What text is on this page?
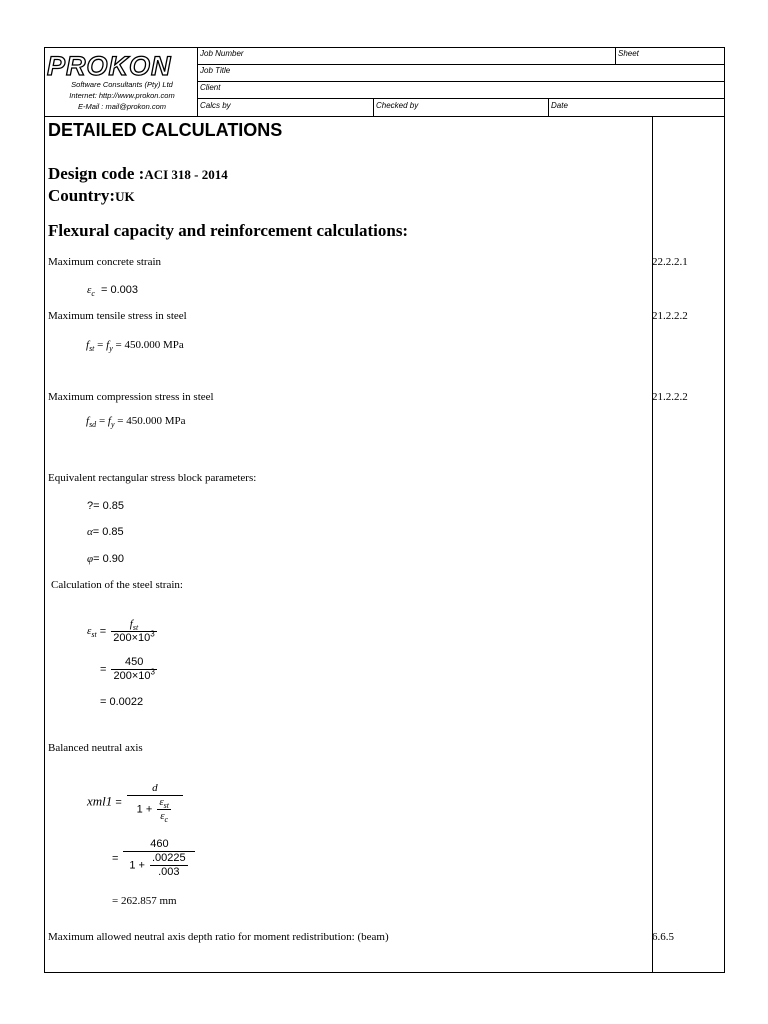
PROKON
Software Consultants (Pty) Ltd
Internet: http://www.prokon.com
E-Mail : mail@prokon.com
Job Number	Sheet
Job Title
Client
Calcs by	Checked by	Date
DETAILED CALCULATIONS
Design code :ACI 318 - 2014
Country:UK
Flexural capacity and reinforcement calculations:
Maximum concrete strain	22.2.2.1
$\varepsilon_c = 0.003$
Maximum tensile stress in steel	21.2.2.2
$f_{st} = f_y = 450.000$ MPa
Maximum compression stress in steel	21.2.2.2
$f_{sd} = f_y = 450.000$ MPa
Equivalent rectangular stress block parameters:
?= 0.85
α= 0.85
φ= 0.90
Calculation of the steel strain:
$\varepsilon_{st} = \frac{f_{st}}{200\times 10^3}$
= $\frac{450}{200\times 10^3}$
= 0.0022
Balanced neutral axis
$xml1 = \frac{d}{1 + \frac{\varepsilon_{st}}{\varepsilon_c}}$
= $\frac{460}{1 + \frac{.00225}{.003}}$
= 262.857 mm
Maximum allowed neutral axis depth ratio for moment redistribution: (beam)	6.6.5
